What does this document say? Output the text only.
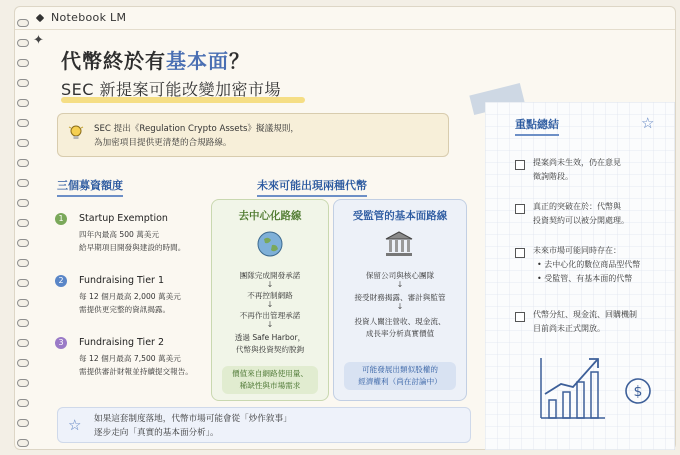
Notebook LM
✦
代幣終於有基本面？
SEC 新提案可能改變加密市場
SEC 提出《Regulation Crypto Assets》擬議規則，
為加密項目提供更清楚的合規路線。
三個募資額度
1	Startup Exemption
四年內最高 500 萬美元
給早期項目開發與建設的時間。
2	Fundraising Tier 1
每 12 個月最高 2,000 萬美元
需提供更完整的資訊揭露。
3	Fundraising Tier 2
每 12 個月最高 7,500 萬美元
需提供審計財報並持續提交報告。
未來可能出現兩種代幣
去中心化路線
團隊完成開發承諾
↓
不再控制網路
↓
不再作出管理承諾
↓
透過 Safe Harbor，
代幣與投資契約脫鉤
價值來自網路使用量、
稀缺性與市場需求
受監管的基本面路線
保留公司與核心團隊
↓
接受財務揭露、審計與監管
↓
投資人關注營收、現金流、
成長率分析真實價值
可能發展出類似股權的
經濟權利（尚在討論中）
☆ 如果這套制度落地，代幣市場可能會從「炒作敘事」
逐步走向「真實的基本面分析」。
重點總結	☆
提案尚未生效，仍在意見
徵詢階段。
真正的突破在於：代幣與
投資契約可以被分開處理。
未來市場可能同時存在：
• 去中心化的數位商品型代幣
• 受監管、有基本面的代幣
代幣分紅、現金流、回購機制
目前尚未正式開放。
$
